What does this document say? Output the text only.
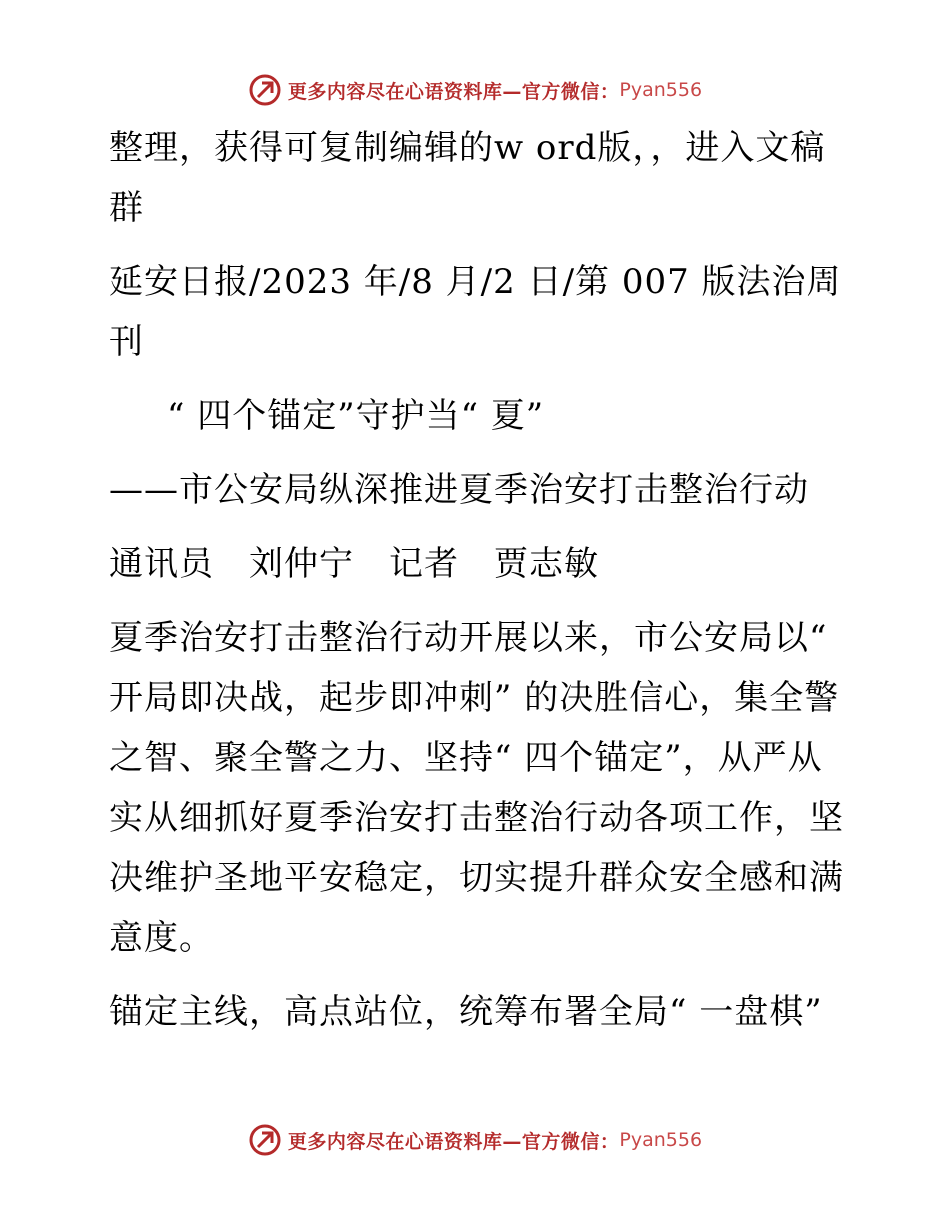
更多内容尽在心语资料库—官方微信： Pyan556

整理，获得可复制编辑的w ord版，，进入文稿群

延安日报/2023 年/8 月/2 日/第 007 版法治周刊

“ 四个锚定”守护当“ 夏”

——市公安局纵深推进夏季治安打击整治行动

通讯员　刘仲宁　记者　贾志敏

夏季治安打击整治行动开展以来，市公安局以“ 开局即决战，起步即冲刺” 的决胜信心，集全警之智、聚全警之力、坚持“ 四个锚定”，从严从实从细抓好夏季治安打击整治行动各项工作，坚决维护圣地平安稳定，切实提升群众安全感和满意度。

锚定主线，高点站位，统筹布署全局“ 一盘棋”

更多内容尽在心语资料库—官方微信： Pyan556
